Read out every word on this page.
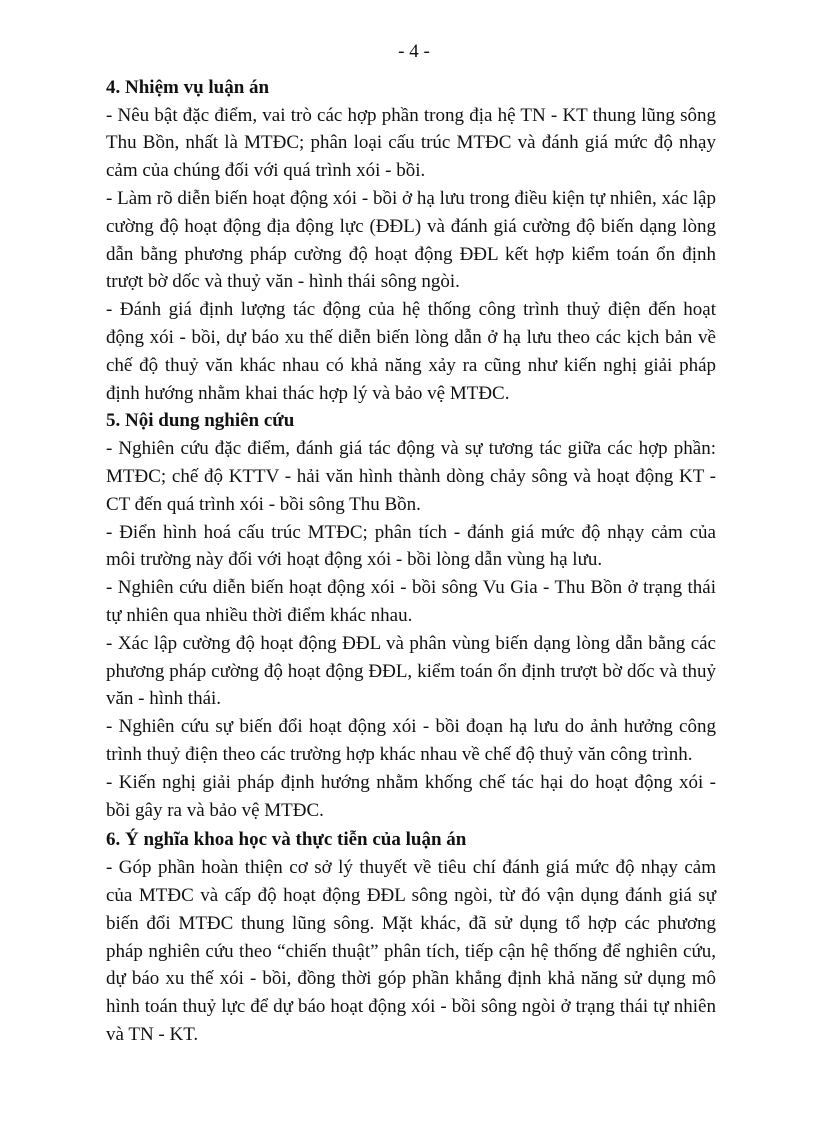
- 4 -

4. Nhiệm vụ luận án

- Nêu bật đặc điểm, vai trò các hợp phần trong địa hệ TN - KT thung lũng sông Thu Bồn, nhất là MTĐC; phân loại cấu trúc MTĐC và đánh giá mức độ nhạy cảm của chúng đối với quá trình xói - bồi.

- Làm rõ diễn biến hoạt động xói - bồi ở hạ lưu trong điều kiện tự nhiên, xác lập cường độ hoạt động địa động lực (ĐĐL) và đánh giá cường độ biến dạng lòng dẫn bằng phương pháp cường độ hoạt động ĐĐL kết hợp kiểm toán ổn định trượt bờ dốc và thuỷ văn - hình thái sông ngòi.

- Đánh giá định lượng tác động của hệ thống công trình thuỷ điện đến hoạt động xói - bồi, dự báo xu thế diễn biến lòng dẫn ở hạ lưu theo các kịch bản về chế độ thuỷ văn khác nhau có khả năng xảy ra cũng như kiến nghị giải pháp định hướng nhằm khai thác hợp lý và bảo vệ MTĐC.

5. Nội dung nghiên cứu

- Nghiên cứu đặc điểm, đánh giá tác động và sự tương tác giữa các hợp phần: MTĐC; chế độ KTTV - hải văn hình thành dòng chảy sông và hoạt động KT - CT đến quá trình xói - bồi sông Thu Bồn.

- Điển hình hoá cấu trúc MTĐC; phân tích - đánh giá mức độ nhạy cảm của môi trường này đối với hoạt động xói - bồi lòng dẫn vùng hạ lưu.

- Nghiên cứu diễn biến hoạt động xói - bồi sông Vu Gia - Thu Bồn ở trạng thái tự nhiên qua nhiều thời điểm khác nhau.

- Xác lập cường độ hoạt động ĐĐL và phân vùng biến dạng lòng dẫn bằng các phương pháp cường độ hoạt động ĐĐL, kiểm toán ổn định trượt bờ dốc và thuỷ văn - hình thái.

- Nghiên cứu sự biến đổi hoạt động xói - bồi đoạn hạ lưu do ảnh hưởng công trình thuỷ điện theo các trường hợp khác nhau về chế độ thuỷ văn công trình.

- Kiến nghị giải pháp định hướng nhằm khống chế tác hại do hoạt động xói - bồi gây ra và bảo vệ MTĐC.

6. Ý nghĩa khoa học và thực tiễn của luận án

- Góp phần hoàn thiện cơ sở lý thuyết về tiêu chí đánh giá mức độ nhạy cảm của MTĐC và cấp độ hoạt động ĐĐL sông ngòi, từ đó vận dụng đánh giá sự biến đổi MTĐC thung lũng sông. Mặt khác, đã sử dụng tổ hợp các phương pháp nghiên cứu theo “chiến thuật” phân tích, tiếp cận hệ thống để nghiên cứu, dự báo xu thế xói - bồi, đồng thời góp phần khẳng định khả năng sử dụng mô hình toán thuỷ lực để dự báo hoạt động xói - bồi sông ngòi ở trạng thái tự nhiên và TN - KT.
